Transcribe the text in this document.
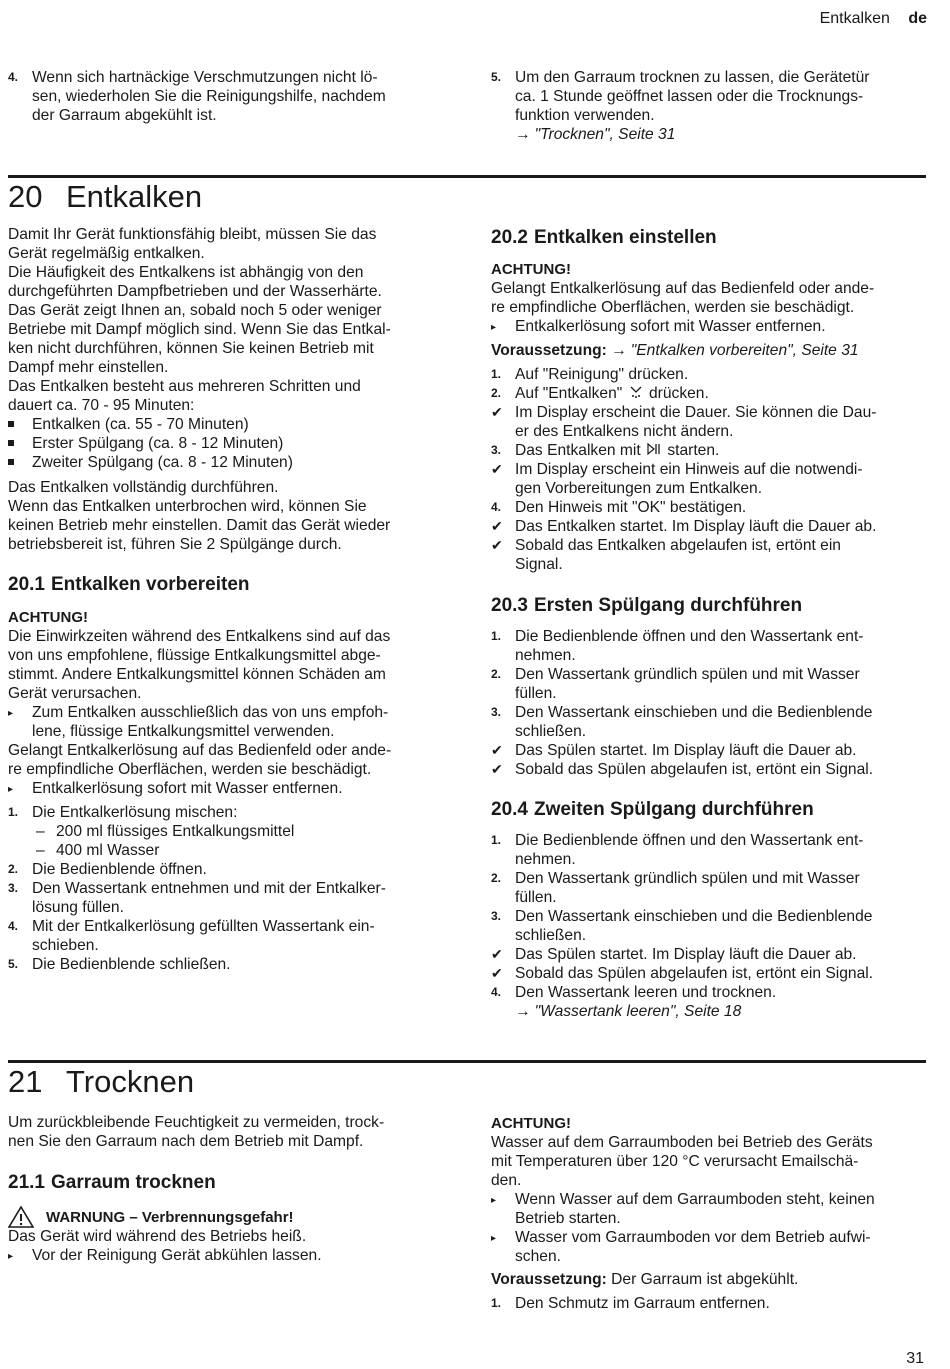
Entkalken de
4. Wenn sich hartnäckige Verschmutzungen nicht lö-
sen, wiederholen Sie die Reinigungshilfe, nachdem
der Garraum abgekühlt ist.
5. Um den Garraum trocknen zu lassen, die Gerätetür
ca. 1 Stunde geöffnet lassen oder die Trocknungs-
funktion verwenden.
→ "Trocknen", Seite 31
20 Entkalken

Damit Ihr Gerät funktionsfähig bleibt, müssen Sie das
Gerät regelmäßig entkalken.
Die Häufigkeit des Entkalkens ist abhängig von den
durchgeführten Dampfbetrieben und der Wasserhärte.
Das Gerät zeigt Ihnen an, sobald noch 5 oder weniger
Betriebe mit Dampf möglich sind. Wenn Sie das Entkal-
ken nicht durchführen, können Sie keinen Betrieb mit
Dampf mehr einstellen.
Das Entkalken besteht aus mehreren Schritten und
dauert ca. 70 - 95 Minuten:

Entkalken (ca. 55 - 70 Minuten)
Erster Spülgang (ca. 8 - 12 Minuten)
Zweiter Spülgang (ca. 8 - 12 Minuten)

Das Entkalken vollständig durchführen.
Wenn das Entkalken unterbrochen wird, können Sie
keinen Betrieb mehr einstellen. Damit das Gerät wieder
betriebsbereit ist, führen Sie 2 Spülgänge durch.

20.1 Entkalken vorbereiten

ACHTUNG!

Die Einwirkzeiten während des Entkalkens sind auf das
von uns empfohlene, flüssige Entkalkungsmittel abge-
stimmt. Andere Entkalkungsmittel können Schäden am
Gerät verursachen.

▸ Zum Entkalken ausschließlich das von uns empfoh-
lene, flüssige Entkalkungsmittel verwenden.

Gelangt Entkalkerlösung auf das Bedienfeld oder ande-
re empfindliche Oberflächen, werden sie beschädigt.

▸ Entkalkerlösung sofort mit Wasser entfernen.
1. Die Entkalkerlösung mischen:
– 200 ml flüssiges Entkalkungsmittel
– 400 ml Wasser
2. Die Bedienblende öffnen.
3. Den Wassertank entnehmen und mit der Entkalker-
lösung füllen.
4. Mit der Entkalkerlösung gefüllten Wassertank ein-
schieben.
5. Die Bedienblende schließen.
20.2 Entkalken einstellen

ACHTUNG!

Gelangt Entkalkerlösung auf das Bedienfeld oder ande-
re empfindliche Oberflächen, werden sie beschädigt.

▸ Entkalkerlösung sofort mit Wasser entfernen.

Voraussetzung: → "Entkalken vorbereiten", Seite 31

1. Auf "Reinigung" drücken.
2. Auf "Entkalken" drücken.
✔ Im Display erscheint die Dauer. Sie können die Dau-
er des Entkalkens nicht ändern.
3. Das Entkalken mit starten.
✔ Im Display erscheint ein Hinweis auf die notwendi-
gen Vorbereitungen zum Entkalken.
4. Den Hinweis mit "OK" bestätigen.
✔ Das Entkalken startet. Im Display läuft die Dauer ab.
✔ Sobald das Entkalken abgelaufen ist, ertönt ein
Signal.
20.3 Ersten Spülgang durchführen
1. Die Bedienblende öffnen und den Wassertank ent-
nehmen.
2. Den Wassertank gründlich spülen und mit Wasser
füllen.
3. Den Wassertank einschieben und die Bedienblende
schließen.
✔ Das Spülen startet. Im Display läuft die Dauer ab.
✔ Sobald das Spülen abgelaufen ist, ertönt ein Signal.
20.4 Zweiten Spülgang durchführen
1. Die Bedienblende öffnen und den Wassertank ent-
nehmen.
2. Den Wassertank gründlich spülen und mit Wasser
füllen.
3. Den Wassertank einschieben und die Bedienblende
schließen.
✔ Das Spülen startet. Im Display läuft die Dauer ab.
✔ Sobald das Spülen abgelaufen ist, ertönt ein Signal.
4. Den Wassertank leeren und trocknen.
→ "Wassertank leeren", Seite 18
21 Trocknen

Um zurückbleibende Feuchtigkeit zu vermeiden, trock-
nen Sie den Garraum nach dem Betrieb mit Dampf.

21.1 Garraum trocknen

WARNUNG – Verbrennungsgefahr!

Das Gerät wird während des Betriebs heiß.

▸ Vor der Reinigung Gerät abkühlen lassen.

ACHTUNG!

Wasser auf dem Garraumboden bei Betrieb des Geräts
mit Temperaturen über 120 °C verursacht Emailschä-
den.

▸ Wenn Wasser auf dem Garraumboden steht, keinen
Betrieb starten.
▸ Wasser vom Garraumboden vor dem Betrieb aufwi-
schen.

Voraussetzung: Der Garraum ist abgekühlt.

1. Den Schmutz im Garraum entfernen.
31
